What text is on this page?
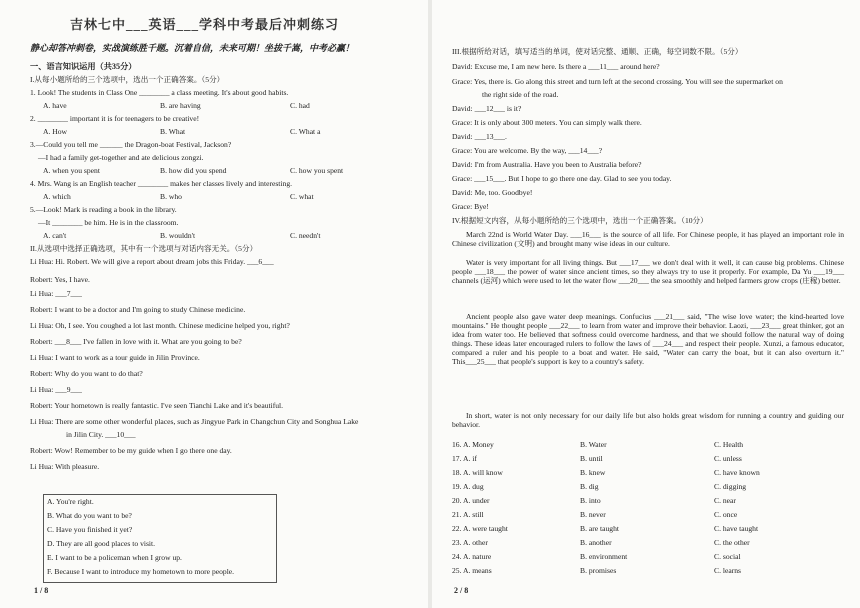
吉林七中___英语___学科中考最后冲刺练习
静心却答冲刺卷，实战演练胜千题。沉着自信，未来可期！坐拔千嵩，中考必赢！
一、语言知识运用（共35分）
I.从每小题所给的三个选项中，选出一个正确答案。（5分）
1. Look! The students in Class One ________ a class meeting. It's about good habits.
A. have	B. are having	C. had
2. ________ important it is for teenagers to be creative!
A. How	B. What	C. What a
3.—Could you tell me ______ the Dragon-boat Festival, Jackson?
—I had a family get-together and ate delicious zongzi.
A. when you spent	B. how did you spend	C. how you spent
4. Mrs. Wang is an English teacher ________ makes her classes lively and interesting.
A. which	B. who	C. what
5.—Look! Mark is reading a book in the library.
—It ________ be him. He is in the classroom.
A. can't	B. wouldn't	C. needn't
II.从选项中选择正确选项，其中有一个选项与对话内容无关。（5分）
Li Hua: Hi. Robert. We will give a report about dream jobs this Friday. ___6___
Robert: Yes, I have.
Li Hua: ___7___
Robert: I want to be a doctor and I'm going to study Chinese medicine.
Li Hua: Oh, I see. You coughed a lot last month. Chinese medicine helped you, right?
Robert: ___8___ I've fallen in love with it. What are you going to be?
Li Hua: I want to work as a tour guide in Jilin Province.
Robert: Why do you want to do that?
Li Hua: ___9___
Robert: Your hometown is really fantastic. I've seen Tianchi Lake and it's beautiful.
Li Hua: There are some other wonderful places, such as Jingyue Park in Changchun City and Songhua Lake
in Jilin City. ___10___
Robert: Wow! Remember to be my guide when I go there one day.
Li Hua: With pleasure.
A. You're right.
B. What do you want to be?
C. Have you finished it yet?
D. They are all good places to visit.
E. I want to be a policeman when I grow up.
F. Because I want to introduce my hometown to more people.
1 / 8
III.根据所给对话，填写适当的单词，使对话完整、通顺、正确，每空词数不限。（5分）
David: Excuse me, I am new here. Is there a ___11___ around here?
Grace: Yes, there is. Go along this street and turn left at the second crossing. You will see the supermarket on
the right side of the road.
David: ___12___ is it?
Grace: It is only about 300 meters. You can simply walk there.
David: ___13___.
Grace: You are welcome. By the way, ___14___?
David: I'm from Australia. Have you been to Australia before?
Grace: ___15___. But I hope to go there one day. Glad to see you today.
David: Me, too. Goodbye!
Grace: Bye!
IV.根据短文内容，从每小题所给的三个选项中，选出一个正确答案。（10分）
March 22nd is World Water Day. ___16___ is the source of all life. For Chinese people, it has played an important role in Chinese civilization (文明) and brought many wise ideas in our culture.
Water is very important for all living things. But ___17___ we don't deal with it well, it can cause big problems. Chinese people ___18___ the power of water since ancient times, so they always try to use it properly. For example, Da Yu ___19___ channels (运河) which were used to let the water flow ___20___ the sea smoothly and helped farmers grow crops (庄稼) better.
Ancient people also gave water deep meanings. Confucius ___21___ said, "The wise love water; the kind-hearted love mountains." He thought people ___22___ to learn from water and improve their behavior. Laozi, ___23___ great thinker, got an idea from water too. He believed that softness could overcome hardness, and that we should follow the natural way of doing things. These ideas later encouraged rulers to follow the laws of ___24___ and respect their people. Xunzi, a famous educator, compared a ruler and his people to a boat and water. He said, "Water can carry the boat, but it can also overturn it." This___25___ that people's support is key to a country's safety.
In short, water is not only necessary for our daily life but also holds great wisdom for running a country and guiding our behavior.
16. A. Money	B. Water	C. Health
17. A. if	B. until	C. unless
18. A. will know	B. knew	C. have known
19. A. dug	B. dig	C. digging
20. A. under	B. into	C. near
21. A. still	B. never	C. once
22. A. were taught	B. are taught	C. have taught
23. A. other	B. another	C. the other
24. A. nature	B. environment	C. social
25. A. means	B. promises	C. learns
2 / 8
